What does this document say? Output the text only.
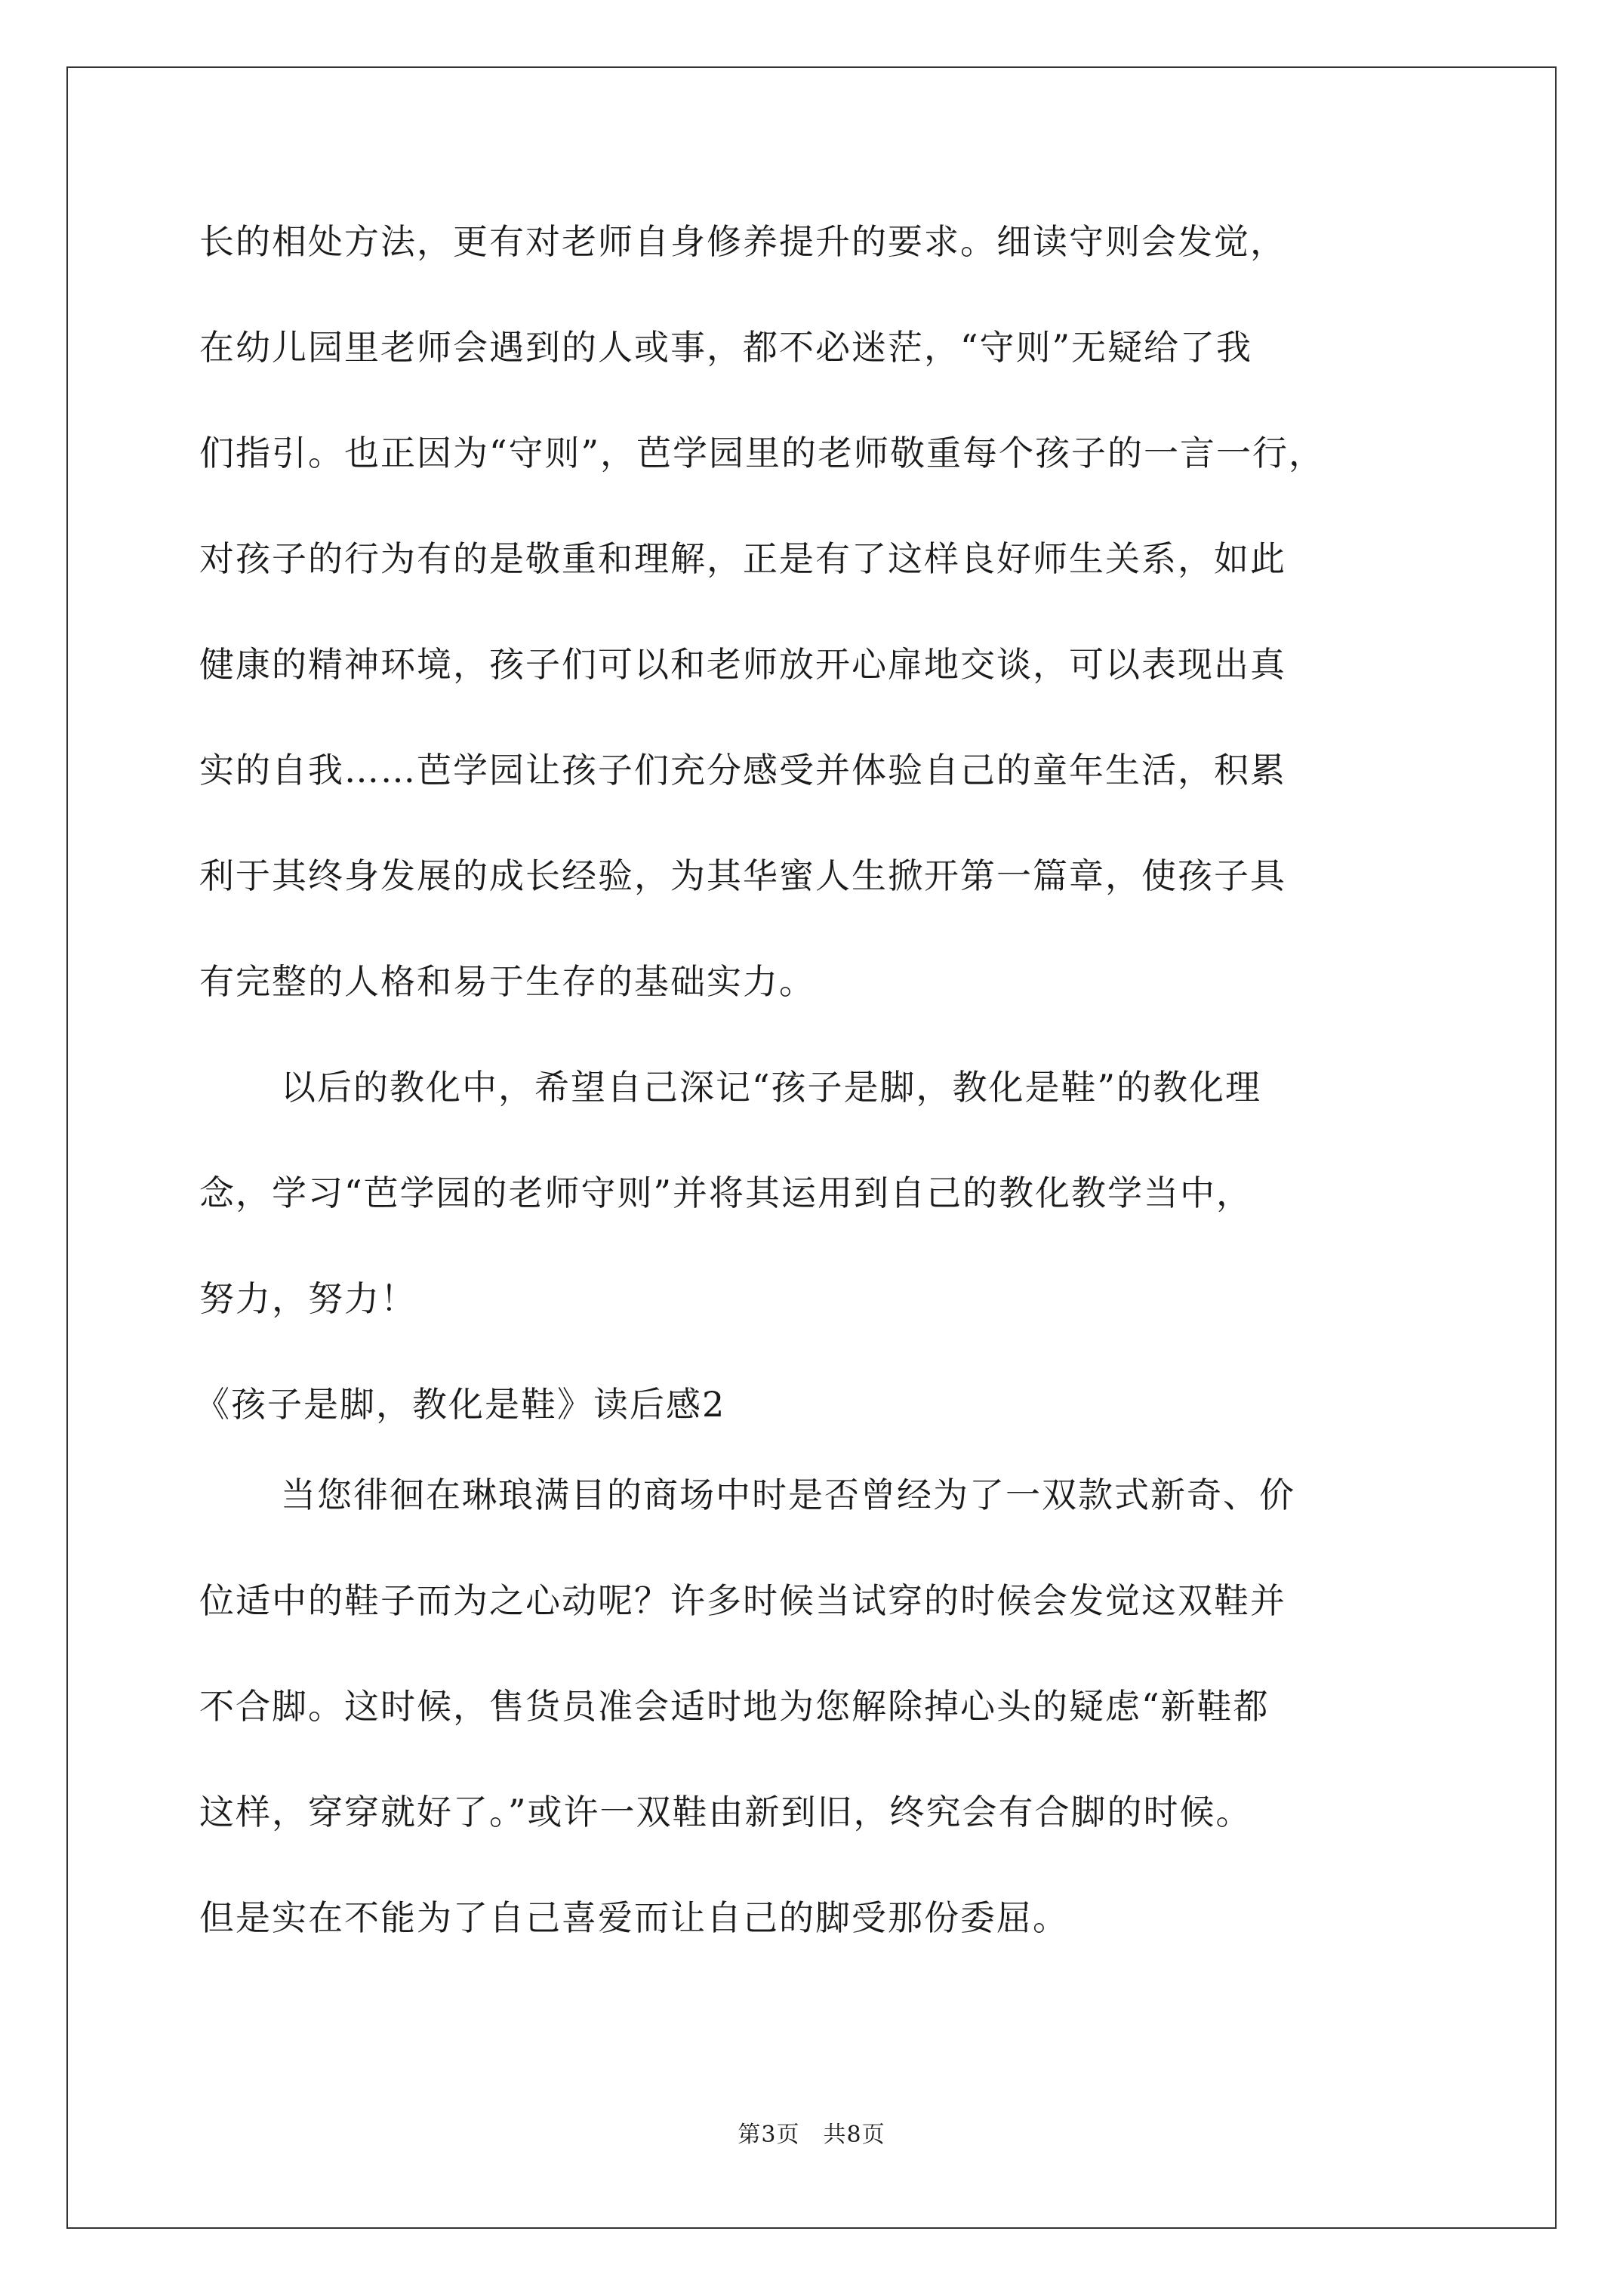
长的相处方法，更有对老师自身修养提升的要求。细读守则会发觉，
在幼儿园里老师会遇到的人或事，都不必迷茫，“守则”无疑给了我
们指引。也正因为“守则”，芭学园里的老师敬重每个孩子的一言一行，
对孩子的行为有的是敬重和理解，正是有了这样良好师生关系，如此
健康的精神环境，孩子们可以和老师放开心扉地交谈，可以表现出真
实的自我……芭学园让孩子们充分感受并体验自己的童年生活，积累
利于其终身发展的成长经验，为其华蜜人生掀开第一篇章，使孩子具
有完整的人格和易于生存的基础实力。
以后的教化中，希望自己深记“孩子是脚，教化是鞋”的教化理
念，学习“芭学园的老师守则”并将其运用到自己的教化教学当中，
努力，努力！
《孩子是脚，教化是鞋》读后感2
当您徘徊在琳琅满目的商场中时是否曾经为了一双款式新奇、价
位适中的鞋子而为之心动呢？许多时候当试穿的时候会发觉这双鞋并
不合脚。这时候，售货员准会适时地为您解除掉心头的疑虑“新鞋都
这样，穿穿就好了。”或许一双鞋由新到旧，终究会有合脚的时候。
但是实在不能为了自己喜爱而让自己的脚受那份委屈。
第3页　共8页
